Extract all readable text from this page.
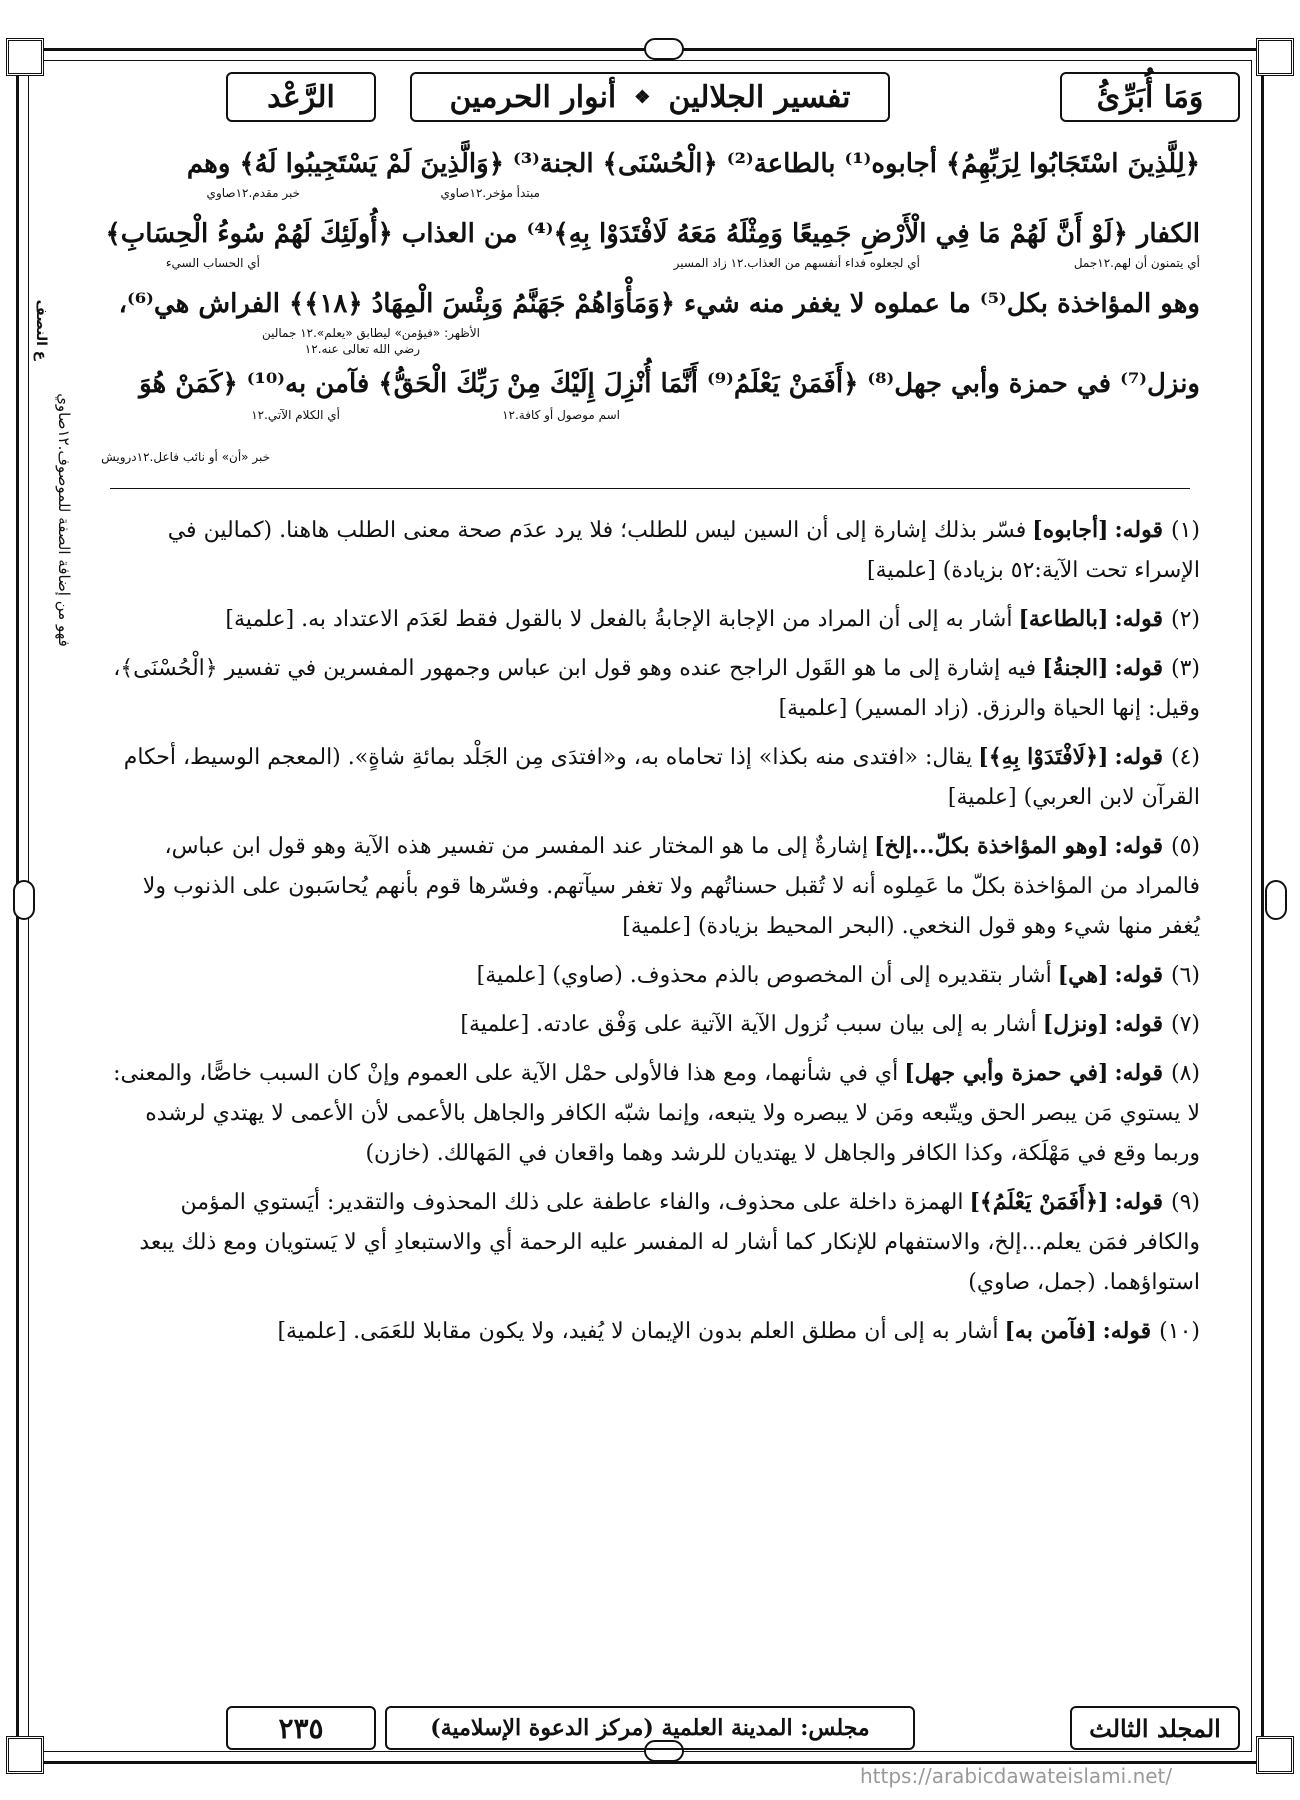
وَمَا أُبَرِّئُ
تفسير الجلالين
❖
أنوار الحرمين
الرَّعْد
﴿لِلَّذِينَ اسْتَجَابُوا لِرَبِّهِمُ﴾ أجابوه⁽¹⁾ بالطاعة⁽²⁾ ﴿الْحُسْنَى﴾ الجنة⁽³⁾ ﴿وَالَّذِينَ لَمْ يَسْتَجِيبُوا لَهُ﴾ وهم
خبر مقدم.١٢صاوي	مبتدأ مؤخر.١٢صاوي
الكفار ﴿لَوْ أَنَّ لَهُمْ مَا فِي الْأَرْضِ جَمِيعًا وَمِثْلَهُ مَعَهُ لَافْتَدَوْا بِهِ﴾⁽⁴⁾ من العذاب ﴿أُولَئِكَ لَهُمْ سُوءُ الْحِسَابِ﴾
أي يتمنون أن لهم.١٢جمل
أي لجعلوه فداء أنفسهم من العذاب.١٢ زاد المسير
أي الحساب السيء
وهو المؤاخذة بكل⁽⁵⁾ ما عملوه لا يغفر منه شيء ﴿وَمَأْوَاهُمْ جَهَنَّمُ وَبِئْسَ الْمِهَادُ ﴿١٨﴾﴾ الفراش هي⁽⁶⁾،
الأظهر: «فيؤمن» ليطابق «يعلم».١٢ جمالين
رضي الله تعالى عنه.١٢
ونزل⁽⁷⁾ في حمزة وأبي جهل⁽⁸⁾ ﴿أَفَمَنْ يَعْلَمُ⁽⁹⁾ أَنَّمَا أُنْزِلَ إِلَيْكَ مِنْ رَبِّكَ الْحَقُّ﴾ فآمن به⁽¹⁰⁾ ﴿كَمَنْ هُوَ
أي الكلام الآتي.١٢	اسم موصول أو كافة.١٢
خبر «أن» أو نائب فاعل.١٢درويش
فهو من إضافة الصفة للموصوف.١٢صاوي
ع النصف
(١)قوله:[أجابوه]فسّر بذلك إشارة إلى أن السين ليس للطلب؛ فلا يرد عدَم صحة معنى الطلب هاهنا. (كمالين في الإسراء تحت الآية:٥٢ بزيادة) [علمية]
(٢)قوله:[بالطاعة]أشار به إلى أن المراد من الإجابة الإجابةُ بالفعل لا بالقول فقط لعَدَم الاعتداد به. [علمية]
(٣)قوله:[الجنةُ]فيه إشارة إلى ما هو القَول الراجح عنده وهو قول ابن عباس وجمهور المفسرين في تفسير ﴿الْحُسْنَى﴾، وقيل: إنها الحياة والرزق. (زاد المسير) [علمية]
(٤)قوله:[﴿لَافْتَدَوْا بِهِ﴾]يقال: «افتدى منه بكذا» إذا تحاماه به، و«افتدَى مِن الجَلْد بمائةِ شاةٍ». (المعجم الوسيط، أحكام القرآن لابن العربي) [علمية]
(٥)قوله:[وهو المؤاخذة بكلّ...إلخ]إشارةٌ إلى ما هو المختار عند المفسر من تفسير هذه الآية وهو قول ابن عباس، فالمراد من المؤاخذة بكلّ ما عَمِلوه أنه لا تُقبل حسناتُهم ولا تغفر سيآتهم. وفسّرها قوم بأنهم يُحاسَبون على الذنوب ولا يُغفر منها شيء وهو قول النخعي. (البحر المحيط بزيادة) [علمية]
(٦)قوله:[هي]أشار بتقديره إلى أن المخصوص بالذم محذوف. (صاوي) [علمية]
(٧)قوله:[ونزل]أشار به إلى بيان سبب نُزول الآية الآتية على وَفْق عادته. [علمية]
(٨)قوله:[في حمزة وأبي جهل]أي في شأنهما، ومع هذا فالأولى حمْل الآية على العموم وإنْ كان السبب خاصًّا، والمعنى: لا يستوي مَن يبصر الحق ويتّبعه ومَن لا يبصره ولا يتبعه، وإنما شبّه الكافر والجاهل بالأعمى لأن الأعمى لا يهتدي لرشده وربما وقع في مَهْلَكة، وكذا الكافر والجاهل لا يهتديان للرشد وهما واقعان في المَهالك. (خازن)
(٩)قوله:[﴿أَفَمَنْ يَعْلَمُ﴾]الهمزة داخلة على محذوف، والفاء عاطفة على ذلك المحذوف والتقدير: أيَستوي المؤمن والكافر فمَن يعلم...إلخ، والاستفهام للإنكار كما أشار له المفسر عليه الرحمة أي والاستبعادِ أي لا يَستويان ومع ذلك يبعد استواؤهما. (جمل، صاوي)
(١٠)قوله:[فآمن به]أشار به إلى أن مطلق العلم بدون الإيمان لا يُفيد، ولا يكون مقابلا للعَمَى. [علمية]
المجلد الثالث
مجلس: المدينة العلمية (مركز الدعوة الإسلامية)
٢٣٥
https://arabicdawateislami.net/
